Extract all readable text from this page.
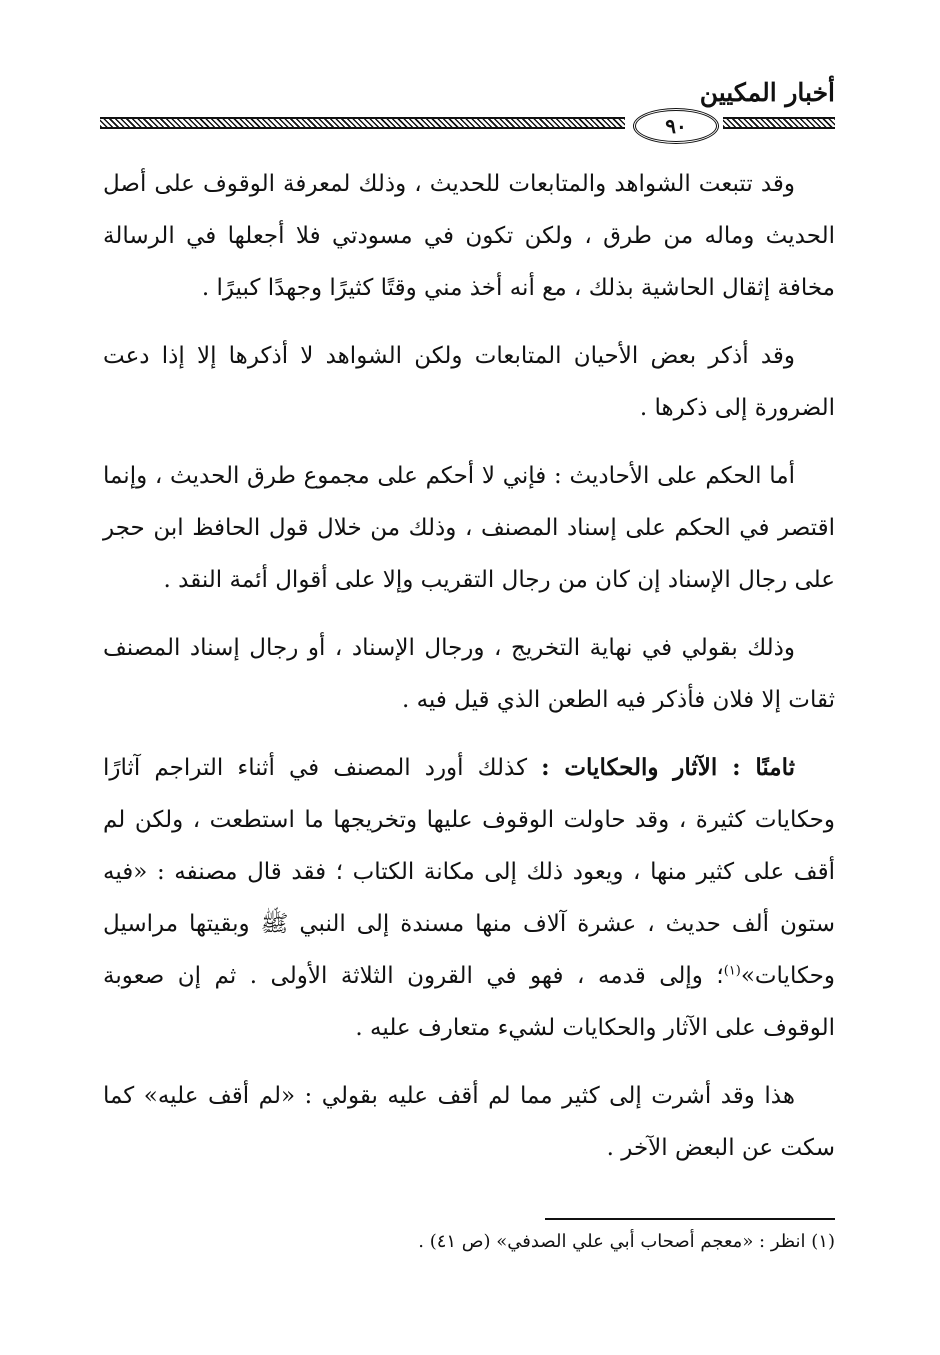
أخبار المكيين
٩٠

وقد تتبعت الشواهد والمتابعات للحديث ، وذلك لمعرفة الوقوف على أصل الحديث وماله من طرق ، ولكن تكون في مسودتي فلا أجعلها في الرسالة مخافة إثقال الحاشية بذلك ، مع أنه أخذ مني وقتًا كثيرًا وجهدًا كبيرًا .

وقد أذكر بعض الأحيان المتابعات ولكن الشواهد لا أذكرها إلا إذا دعت الضرورة إلى ذكرها .

أما الحكم على الأحاديث : فإني لا أحكم على مجموع طرق الحديث ، وإنما اقتصر في الحكم على إسناد المصنف ، وذلك من خلال قول الحافظ ابن حجر على رجال الإسناد إن كان من رجال التقريب وإلا على أقوال أئمة النقد .

وذلك بقولي في نهاية التخريج ، ورجال الإسناد ، أو رجال إسناد المصنف ثقات إلا فلان فأذكر فيه الطعن الذي قيل فيه .

ثامنًا : الآثار والحكايات : كذلك أورد المصنف في أثناء التراجم آثارًا وحكايات كثيرة ، وقد حاولت الوقوف عليها وتخريجها ما استطعت ، ولكن لم أقف على كثير منها ، ويعود ذلك إلى مكانة الكتاب ؛ فقد قال مصنفه : «فيه ستون ألف حديث ، عشرة آلاف منها مسندة إلى النبي ﷺ وبقيتها مراسيل وحكايات»$^{(١)}$؛ وإلى قدمه ، فهو في القرون الثلاثة الأولى . ثم إن صعوبة الوقوف على الآثار والحكايات لشيء متعارف عليه .

هذا وقد أشرت إلى كثير مما لم أقف عليه بقولي : «لم أقف عليه» كما سكت عن البعض الآخر .

(١) انظر : «معجم أصحاب أبي علي الصدفي» (ص ٤١) .
